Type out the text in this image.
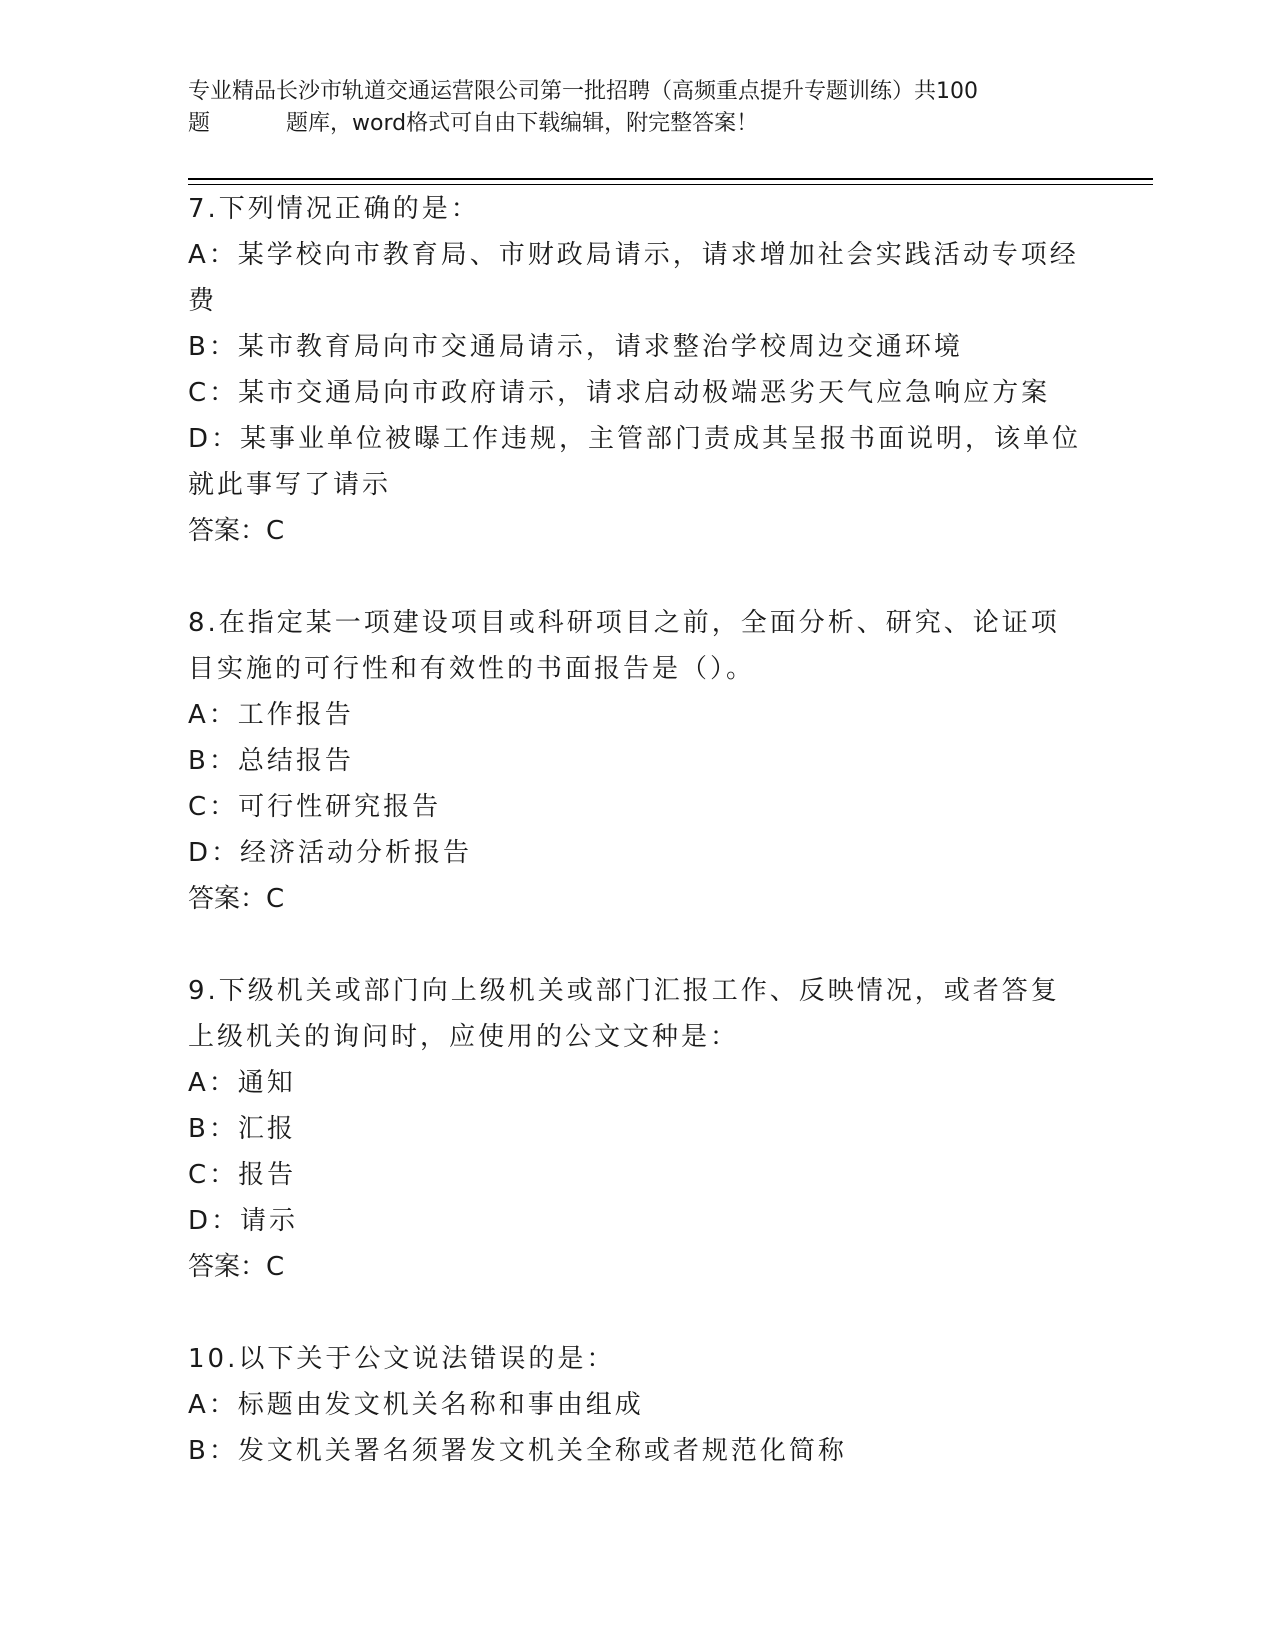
专业精品长沙市轨道交通运营限公司第一批招聘（高频重点提升专题训练）共100
题	题库，word格式可自由下载编辑，附完整答案！
7.下列情况正确的是：
A：某学校向市教育局、市财政局请示，请求增加社会实践活动专项经
费
B：某市教育局向市交通局请示，请求整治学校周边交通环境
C：某市交通局向市政府请示，请求启动极端恶劣天气应急响应方案
D：某事业单位被曝工作违规，主管部门责成其呈报书面说明，该单位
就此事写了请示
答案：C
8.在指定某一项建设项目或科研项目之前，全面分析、研究、论证项
目实施的可行性和有效性的书面报告是（）。
A：工作报告
B：总结报告
C：可行性研究报告
D：经济活动分析报告
答案：C
9.下级机关或部门向上级机关或部门汇报工作、反映情况，或者答复
上级机关的询问时，应使用的公文文种是：
A：通知
B：汇报
C：报告
D：请示
答案：C
10.以下关于公文说法错误的是：
A：标题由发文机关名称和事由组成
B：发文机关署名须署发文机关全称或者规范化简称
